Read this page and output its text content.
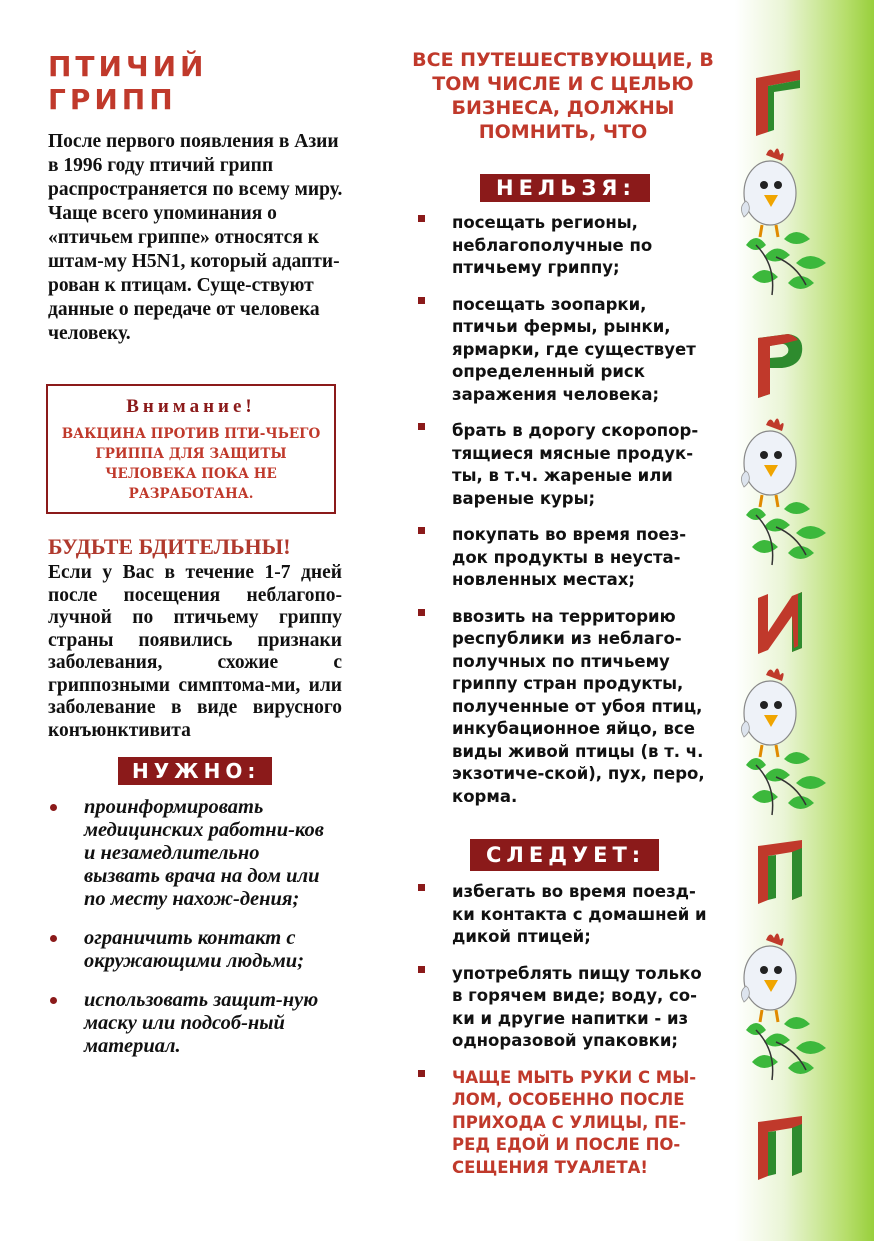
ПТИЧИЙ ГРИПП

После первого появления в Азии в 1996 году птичий грипп распространяется по всему миру. Чаще всего упоминания о «птичьем гриппе» относятся к штам-му H5N1, который адапти-рован к птицам. Суще-ствуют данные о передаче от человека человеку.

Внимание!
ВАКЦИНА ПРОТИВ ПТИ-ЧЬЕГО ГРИППА ДЛЯ ЗАЩИТЫ ЧЕЛОВЕКА ПОКА НЕ РАЗРАБОТАНА.
БУДЬТЕ БДИТЕЛЬНЫ!

Если у Вас в течение 1-7 дней после посещения неблагопо-лучной по птичьему гриппу страны появились признаки заболевания, схожие с гриппозными симптома-ми, или заболевание в виде вирусного конъюнктивита

НУЖНО:
проинформировать медицинских работни-ков и незамедлительно вызвать врача на дом или по месту нахож-дения;
ограничить контакт с окружающими людьми;
использовать защит-ную маску или подсоб-ный материал.
ВСЕ ПУТЕШЕСТВУЮЩИЕ, В ТОМ ЧИСЛЕ И С ЦЕЛЬЮ БИЗНЕСА, ДОЛЖНЫ ПОМНИТЬ, ЧТО
НЕЛЬЗЯ:
посещать регионы, неблагополучные по птичьему гриппу;
посещать зоопарки, птичьи фермы, рынки, ярмарки, где существует определенный риск заражения человека;
брать в дорогу скоропор-тящиеся мясные продук-ты, в т.ч. жареные или вареные куры;
покупать во время поез-док продукты в неуста-новленных местах;
ввозить на территорию республики из неблаго-получных по птичьему гриппу стран продукты, полученные от убоя птиц, инкубационное яйцо, все виды живой птицы (в т. ч. экзотиче-ской), пух, перо, корма.
СЛЕДУЕТ:
избегать во время поезд-ки контакта с домашней и дикой птицей;
употреблять пищу только в горячем виде; воду, со-ки и другие напитки - из одноразовой упаковки;
ЧАЩЕ МЫТЬ РУКИ С МЫ-ЛОМ, ОСОБЕННО ПОСЛЕ ПРИХОДА С УЛИЦЫ, ПЕ-РЕД ЕДОЙ И ПОСЛЕ ПО-СЕЩЕНИЯ ТУАЛЕТА!
